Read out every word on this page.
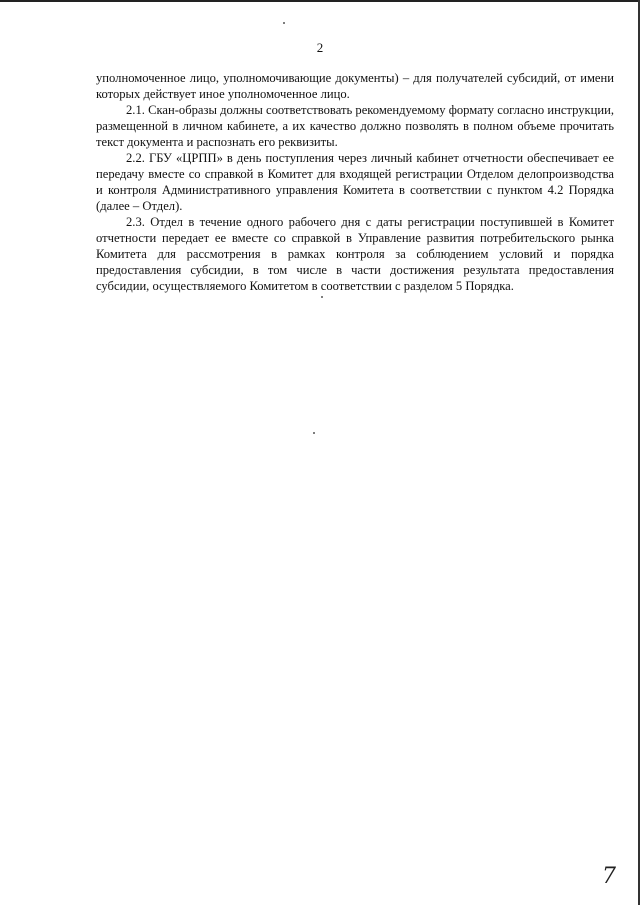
2

уполномоченное лицо, уполномочивающие документы) – для получателей субсидий, от имени которых действует иное уполномоченное лицо.

2.1. Скан-образы должны соответствовать рекомендуемому формату согласно инструкции, размещенной в личном кабинете, а их качество должно позволять в полном объеме прочитать текст документа и распознать его реквизиты.

2.2. ГБУ «ЦРПП» в день поступления через личный кабинет отчетности обеспечивает ее передачу вместе со справкой в Комитет для входящей регистрации Отделом делопроизводства и контроля Административного управления Комитета в соответствии с пунктом 4.2 Порядка (далее – Отдел).

2.3. Отдел в течение одного рабочего дня с даты регистрации поступившей в Комитет отчетности передает ее вместе со справкой в Управление развития потребительского рынка Комитета для рассмотрения в рамках контроля за соблюдением условий и порядка предоставления субсидии, в том числе в части достижения результата предоставления субсидии, осуществляемого Комитетом в соответствии с разделом 5 Порядка.

7
